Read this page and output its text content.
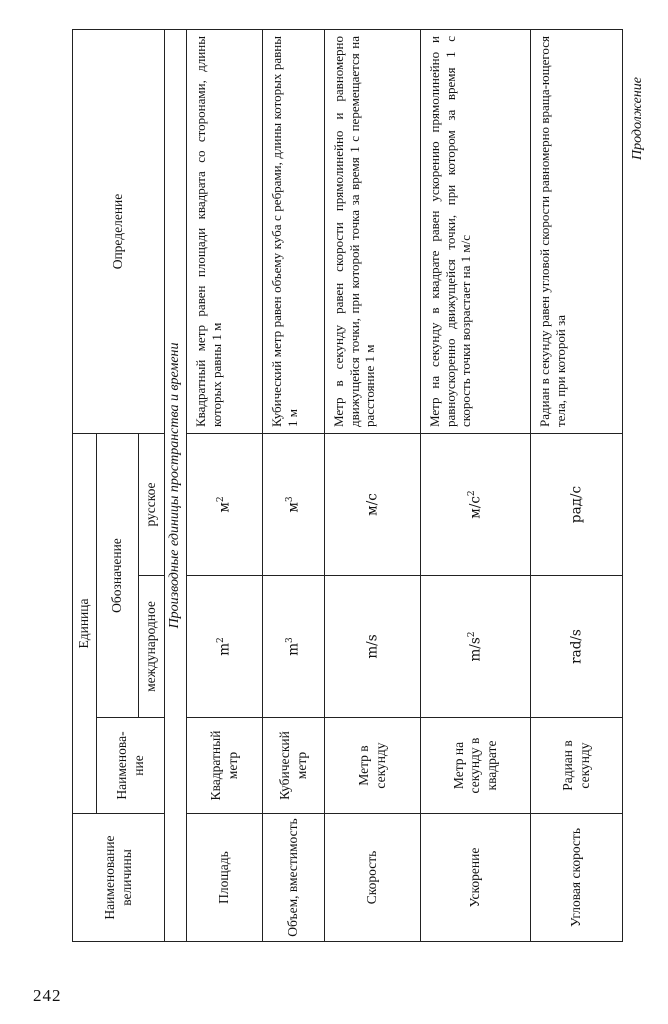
242
Продолжение
Наименование величины	Единица			Определение
	Наименова-ние	Обозначение		
		международное	русское	
Производные единицы пространства и времени				
Площадь	Квадратный метр	$m^2$	$м^2$	Квадратный метр равен площади квадрата со сторонами, длины которых равны 1 м
Объем, вместимость	Кубический метр	$m^3$	$м^3$	Кубический метр равен объему куба с ребрами, длины которых равны 1 м
Скорость	Метр в секунду	m/s	м/с	Метр в секунду равен скорости прямолинейно и равномерно движущейся точки, при которой точка за время 1 с перемещается на расстояние 1 м
Ускорение	Метр на секунду в квадрате	$m/s^2$	$м/с^2$	Метр на секунду в квадрате равен ускорению прямолинейно и равноускоренно движущейся точки, при котором за время 1 с скорость точки возрастает на 1 м/с
Угловая скорость	Радиан в секунду	rad/s	рад/с	Радиан в секунду равен угловой скорости равномерно враща-ющегося тела, при которой за
